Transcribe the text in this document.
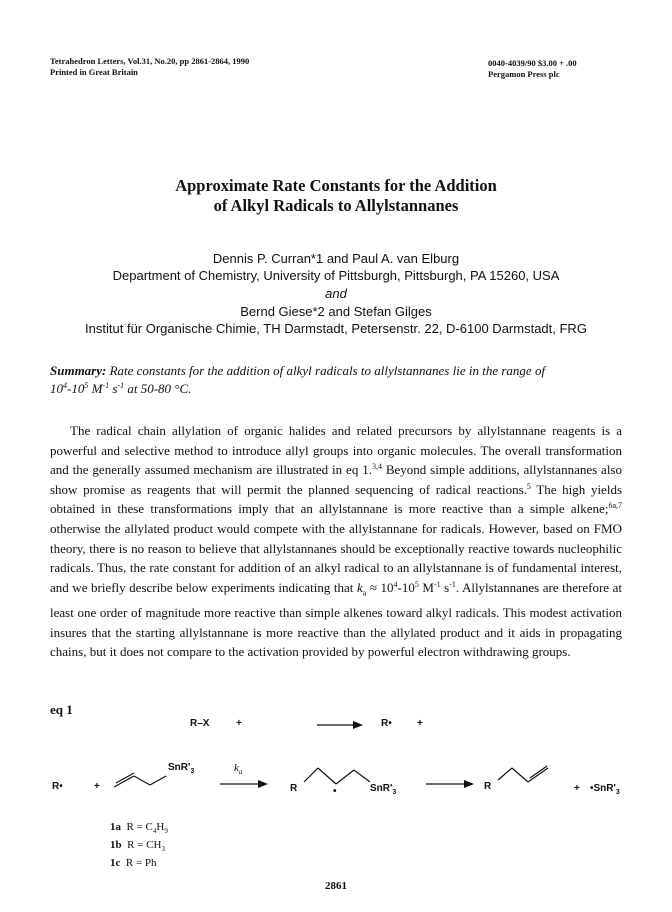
Tetrahedron Letters, Vol.31, No.20, pp 2861-2864, 1990
Printed in Great Britain
0040-4039/90 $3.00 + .00
Pergamon Press plc
Approximate Rate Constants for the Addition
of Alkyl Radicals to Allylstannanes
Dennis P. Curran*1 and Paul A. van Elburg
Department of Chemistry, University of Pittsburgh, Pittsburgh, PA 15260, USA
and
Bernd Giese*2 and Stefan Gilges
Institut für Organische Chimie, TH Darmstadt, Petersenstr. 22, D-6100 Darmstadt, FRG
Summary: Rate constants for the addition of alkyl radicals to allylstannanes lie in the range of
$10^4-10^5$ $M^{-1}$ $s^{-1}$ at 50-80 °C.

The radical chain allylation of organic halides and related precursors by allylstannane reagents is a powerful and selective method to introduce allyl groups into organic molecules. The overall transformation and the generally assumed mechanism are illustrated in eq 1.$^{3,4}$ Beyond simple additions, allylstannanes also show promise as reagents that will permit the planned sequencing of radical reactions.$^5$ The high yields obtained in these transformations imply that an allylstannane is more reactive than a simple alkene;$^{6a,7}$ otherwise the allylated product would compete with the allylstannane for radicals. However, based on FMO theory, there is no reason to believe that allylstannanes should be exceptionally reactive towards nucleophilic radicals. Thus, the rate constant for addition of an alkyl radical to an allylstannane is of fundamental interest, and we briefly describe below experiments indicating that $k_a \approx 10^4-10^5$ $M^{-1}$ $s^{-1}$. Allylstannanes are therefore at least one order of magnitude more reactive than simple alkenes toward alkyl radicals. This modest activation insures that the starting allylstannane is more reactive than the allylated product and it aids in propagating chains, but it does not compare to the activation provided by powerful electron withdrawing groups.

eq 1
R–X	+	R•	+
R•	+
$SnR'_3$	$k_a$
R	•	$SnR'_3$
R	+ $•SnR'_3$
1a $R = C_4H_9$
1b $R = CH_3$
1c R = Ph
2861
